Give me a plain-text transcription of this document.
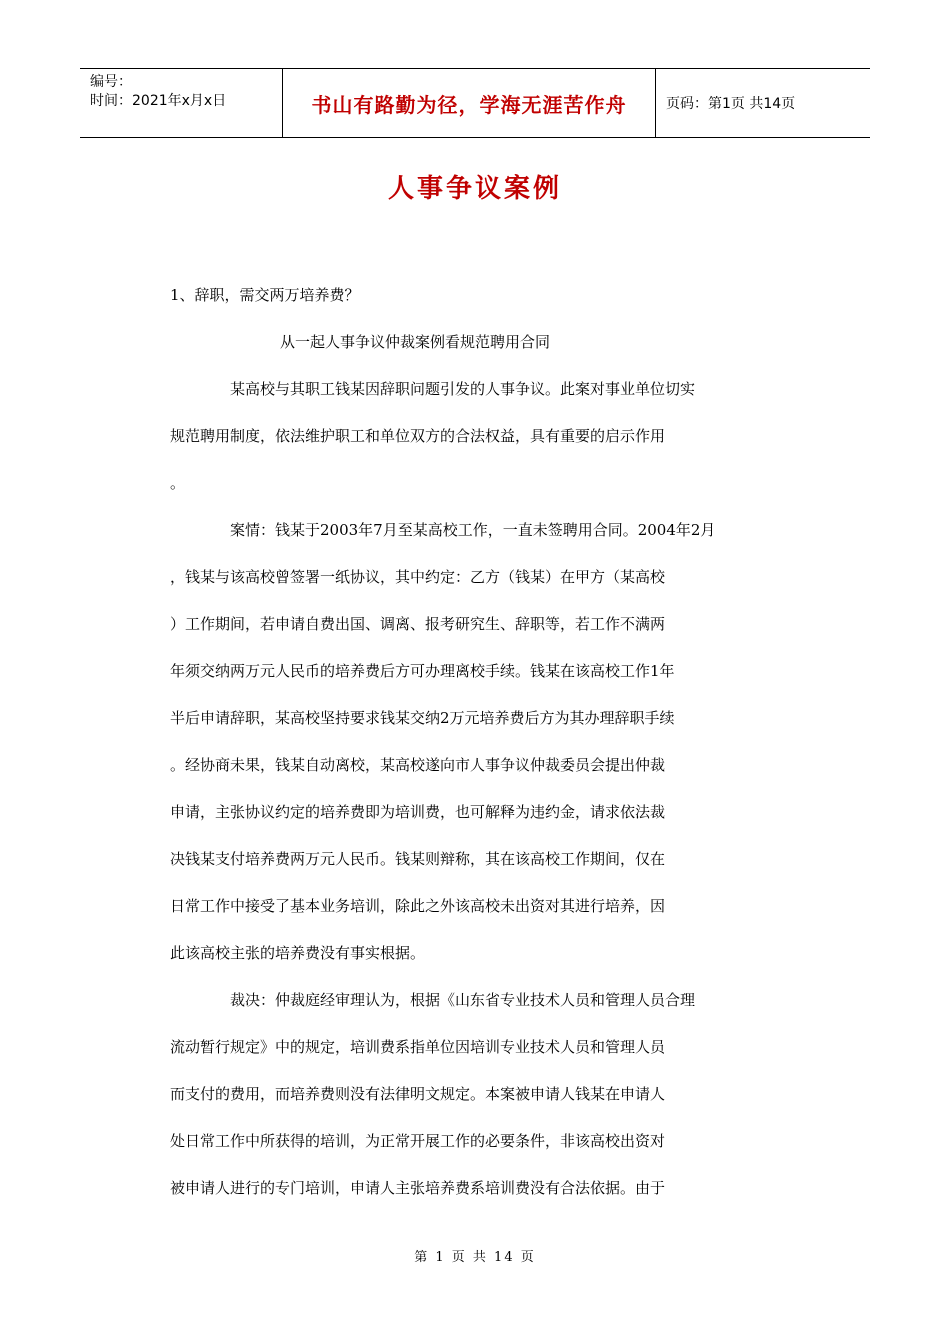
编号：
时间：2021年x月x日	书山有路勤为径，学海无涯苦作舟	页码：第1页 共14页
人事争议案例
1、辞职，需交两万培养费？
从一起人事争议仲裁案例看规范聘用合同
某高校与其职工钱某因辞职问题引发的人事争议。此案对事业单位切实
规范聘用制度，依法维护职工和单位双方的合法权益，具有重要的启示作用
。
案情：钱某于2003年7月至某高校工作，一直未签聘用合同。2004年2月
，钱某与该高校曾签署一纸协议，其中约定：乙方（钱某）在甲方（某高校
）工作期间，若申请自费出国、调离、报考研究生、辞职等，若工作不满两
年须交纳两万元人民币的培养费后方可办理离校手续。钱某在该高校工作1年
半后申请辞职，某高校坚持要求钱某交纳2万元培养费后方为其办理辞职手续
。经协商未果，钱某自动离校，某高校遂向市人事争议仲裁委员会提出仲裁
申请，主张协议约定的培养费即为培训费，也可解释为违约金，请求依法裁
决钱某支付培养费两万元人民币。钱某则辩称，其在该高校工作期间，仅在
日常工作中接受了基本业务培训，除此之外该高校未出资对其进行培养，因
此该高校主张的培养费没有事实根据。
裁决：仲裁庭经审理认为，根据《山东省专业技术人员和管理人员合理
流动暂行规定》中的规定，培训费系指单位因培训专业技术人员和管理人员
而支付的费用，而培养费则没有法律明文规定。本案被申请人钱某在申请人
处日常工作中所获得的培训，为正常开展工作的必要条件，非该高校出资对
被申请人进行的专门培训，申请人主张培养费系培训费没有合法依据。由于
第 1 页 共 14 页
